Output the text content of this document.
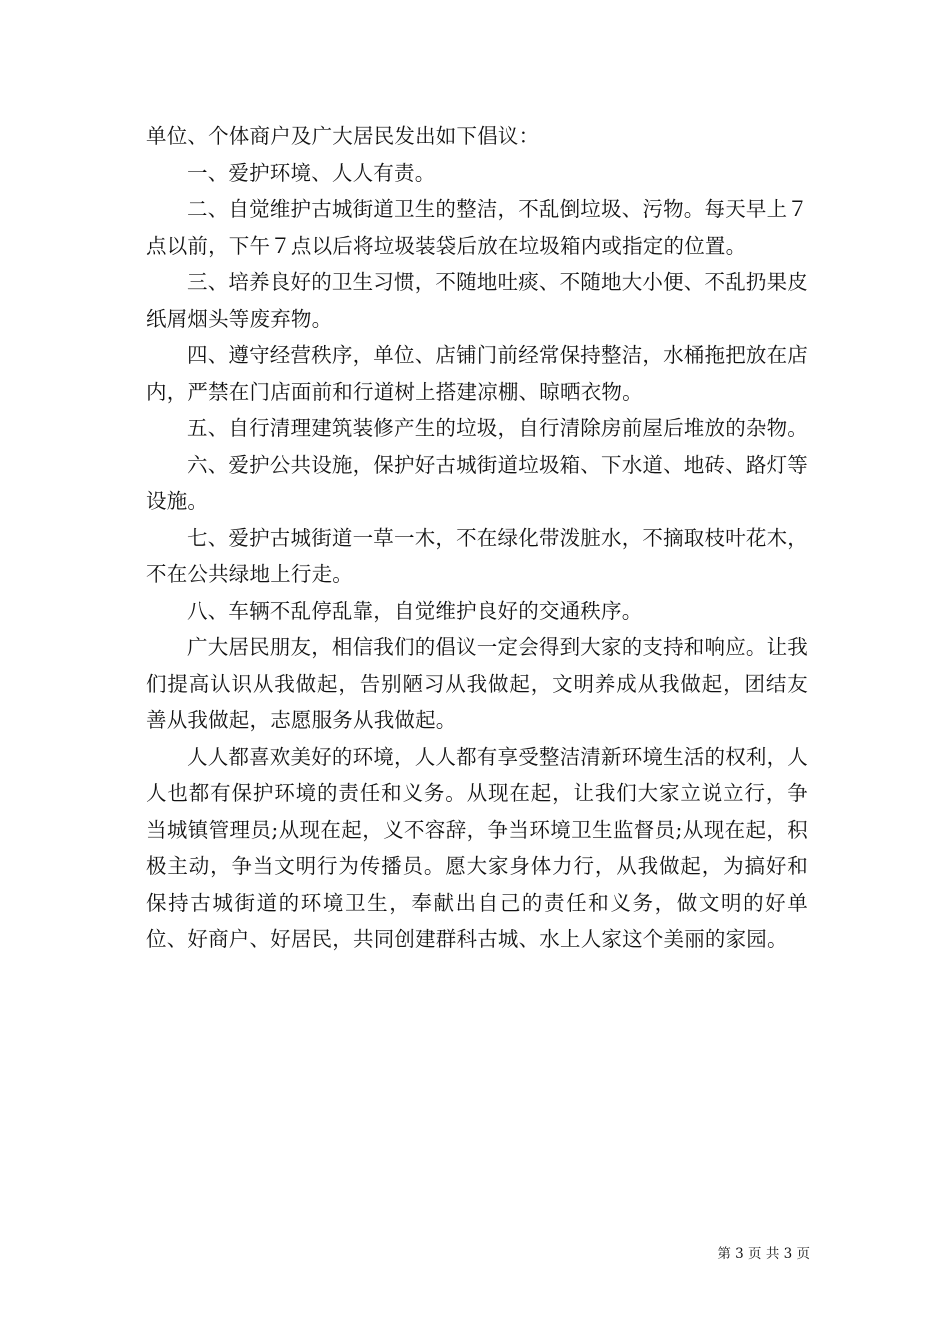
单位、个体商户及广大居民发出如下倡议：

一、爱护环境、人人有责。

二、自觉维护古城街道卫生的整洁，不乱倒垃圾、污物。每天早上７点以前，下午７点以后将垃圾装袋后放在垃圾箱内或指定的位置。

三、培养良好的卫生习惯，不随地吐痰、不随地大小便、不乱扔果皮纸屑烟头等废弃物。

四、遵守经营秩序，单位、店铺门前经常保持整洁，水桶拖把放在店内，严禁在门店面前和行道树上搭建凉棚、晾晒衣物。

五、自行清理建筑装修产生的垃圾，自行清除房前屋后堆放的杂物。

六、爱护公共设施，保护好古城街道垃圾箱、下水道、地砖、路灯等设施。

七、爱护古城街道一草一木，不在绿化带泼脏水，不摘取枝叶花木，不在公共绿地上行走。

八、车辆不乱停乱靠，自觉维护良好的交通秩序。

广大居民朋友，相信我们的倡议一定会得到大家的支持和响应。让我们提高认识从我做起，告别陋习从我做起，文明养成从我做起，团结友善从我做起，志愿服务从我做起。

人人都喜欢美好的环境，人人都有享受整洁清新环境生活的权利，人人也都有保护环境的责任和义务。从现在起，让我们大家立说立行，争当城镇管理员;从现在起，义不容辞，争当环境卫生监督员;从现在起，积极主动，争当文明行为传播员。愿大家身体力行，从我做起，为搞好和保持古城街道的环境卫生，奉献出自己的责任和义务，做文明的好单位、好商户、好居民，共同创建群科古城、水上人家这个美丽的家园。

第 3 页 共 3 页
